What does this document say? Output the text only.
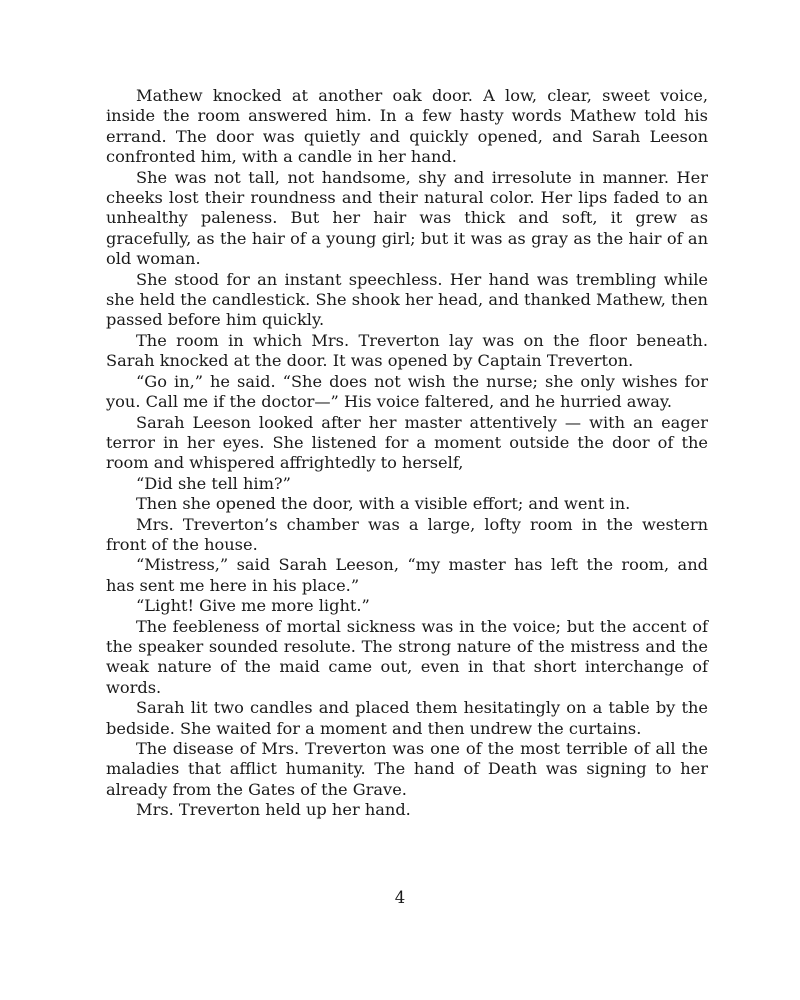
Mathew knocked at another oak door. A low, clear, sweet voice, inside the room answered him. In a few hasty words Mathew told his errand. The door was quietly and quickly opened, and Sarah Leeson confronted him, with a candle in her hand.

She was not tall, not handsome, shy and irresolute in manner. Her cheeks lost their roundness and their natural color. Her lips faded to an unhealthy paleness. But her hair was thick and soft, it grew as gracefully, as the hair of a young girl; but it was as gray as the hair of an old woman.

She stood for an instant speechless. Her hand was trembling while she held the candlestick. She shook her head, and thanked Mathew, then passed before him quickly.

The room in which Mrs. Treverton lay was on the floor beneath. Sarah knocked at the door. It was opened by Captain Treverton.

“Go in,” he said. “She does not wish the nurse; she only wishes for you. Call me if the doctor—” His voice faltered, and he hurried away.

Sarah Leeson looked after her master attentively — with an eager terror in her eyes. She listened for a moment outside the door of the room and whispered affrightedly to herself,

“Did she tell him?”

Then she opened the door, with a visible effort; and went in.

Mrs. Treverton’s chamber was a large, lofty room in the western front of the house.

“Mistress,” said Sarah Leeson, “my master has left the room, and has sent me here in his place.”

“Light! Give me more light.”

The feebleness of mortal sickness was in the voice; but the accent of the speaker sounded resolute. The strong nature of the mistress and the weak nature of the maid came out, even in that short interchange of words.

Sarah lit two candles and placed them hesitatingly on a table by the bedside. She waited for a moment and then undrew the curtains.

The disease of Mrs. Treverton was one of the most terrible of all the maladies that afflict humanity. The hand of Death was signing to her already from the Gates of the Grave.

Mrs. Treverton held up her hand.

4
